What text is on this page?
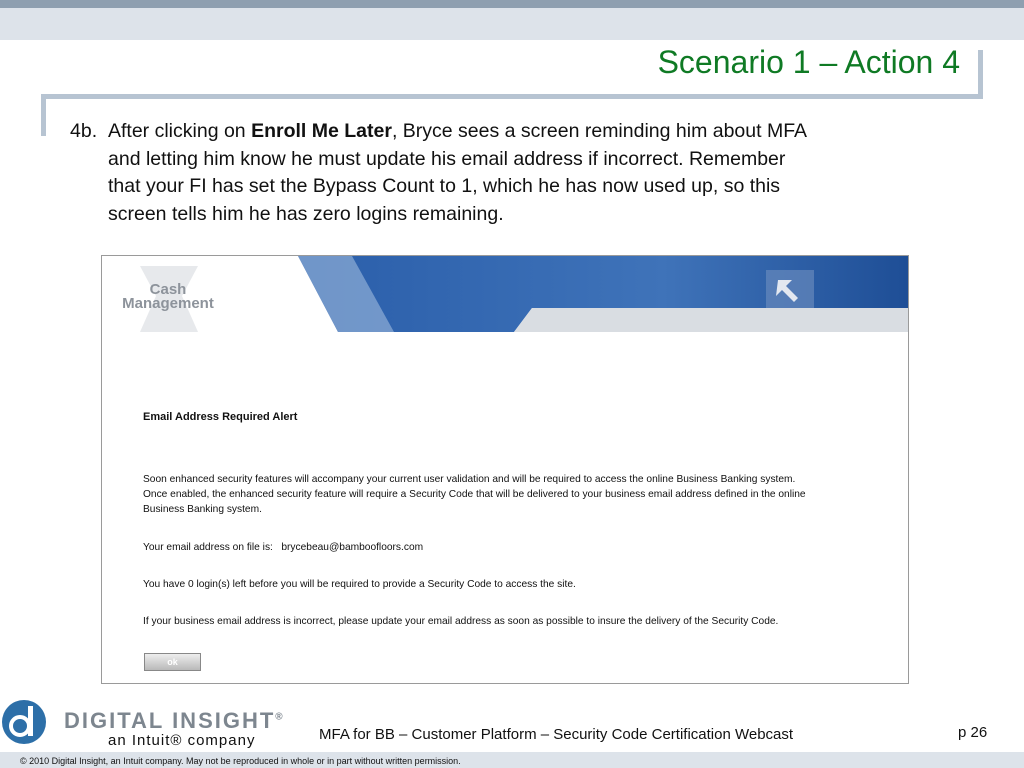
Scenario 1 – Action 4
4b. After clicking on Enroll Me Later, Bryce sees a screen reminding him about MFA
and letting him know he must update his email address if incorrect. Remember
that your FI has set the Bypass Count to 1, which he has now used up, so this
screen tells him he has zero logins remaining.
Cash
Management
Email Address Required Alert
Soon enhanced security features will accompany your current user validation and will be required to access the online Business Banking system.
Once enabled, the enhanced security feature will require a Security Code that will be delivered to your business email address defined in the online
Business Banking system.
Your email address on file is: brycebeau@bamboofloors.com
You have 0 login(s) left before you will be required to provide a Security Code to access the site.
If your business email address is incorrect, please update your email address as soon as possible to insure the delivery of the Security Code.
ok
DIGITAL INSIGHT®
an Intuit® company	MFA for BB – Customer Platform – Security Code Certification Webcast	p 26
© 2010 Digital Insight, an Intuit company. May not be reproduced in whole or in part without written permission.
